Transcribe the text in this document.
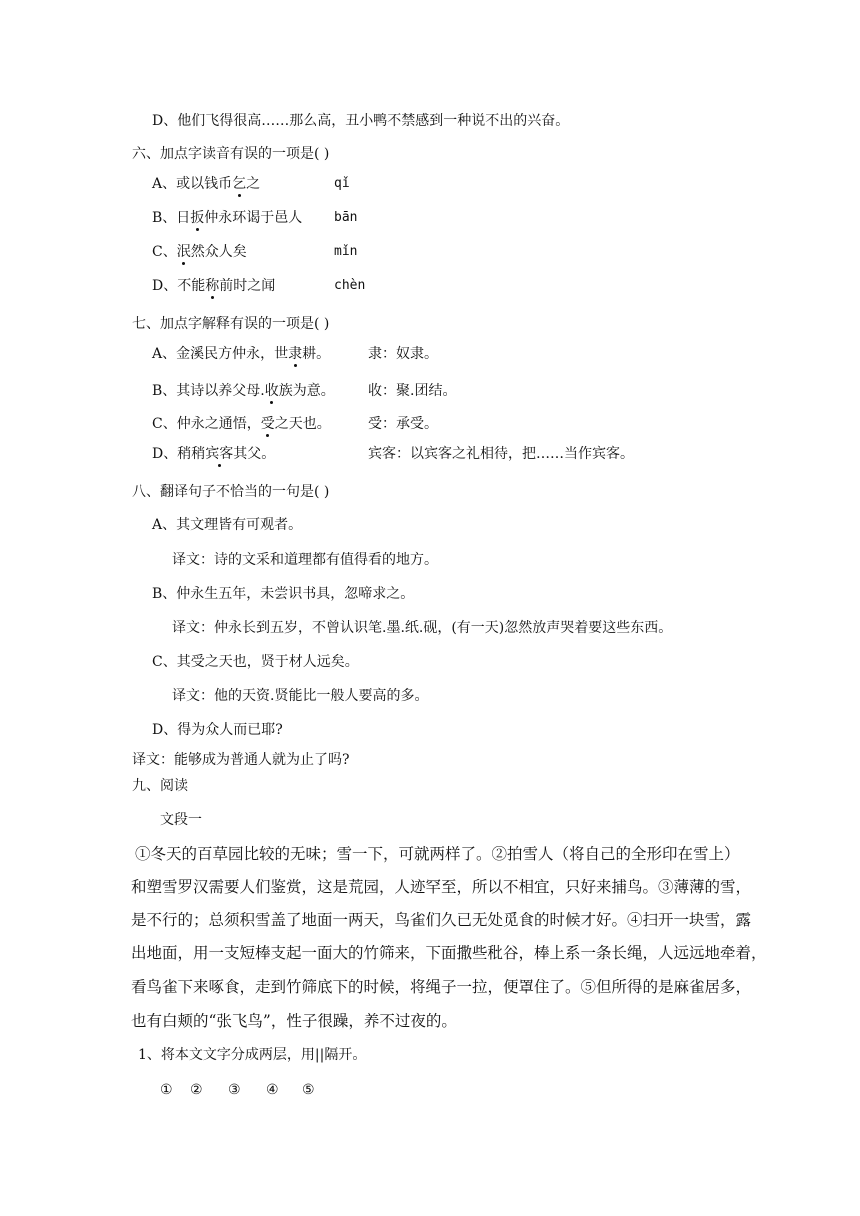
D、他们飞得很高……那么高，丑小鸭不禁感到一种说不出的兴奋。
六、加点字读音有误的一项是( )
A、或以钱币乞之	qǐ
B、日扳仲永环谒于邑人 bān
C、泯然众人矣	mǐn
D、不能称前时之闻	chèn
七、加点字解释有误的一项是( )
A、金溪民方仲永，世隶耕。	隶：奴隶。
B、其诗以养父母.收族为意。 收：聚.团结。
C、仲永之通悟，受之天也。	受：承受。
D、稍稍宾客其父。	宾客：以宾客之礼相待，把……当作宾客。
八、翻译句子不恰当的一句是( )
A、其文理皆有可观者。
译文：诗的文采和道理都有值得看的地方。
B、仲永生五年，未尝识书具，忽啼求之。
译文：仲永长到五岁，不曾认识笔.墨.纸.砚，(有一天)忽然放声哭着要这些东西。
C、其受之天也，贤于材人远矣。
译文：他的天资.贤能比一般人要高的多。
D、得为众人而已耶?
译文：能够成为普通人就为止了吗?
九、阅读
文段一
①冬天的百草园比较的无味；雪一下，可就两样了。②拍雪人（将自己的全形印在雪上）
和塑雪罗汉需要人们鉴赏，这是荒园，人迹罕至，所以不相宜，只好来捕鸟。③薄薄的雪，
是不行的；总须积雪盖了地面一两天，鸟雀们久已无处觅食的时候才好。④扫开一块雪，露
出地面，用一支短棒支起一面大的竹筛来，下面撒些秕谷，棒上系一条长绳，人远远地牵着，
看鸟雀下来啄食，走到竹筛底下的时候，将绳子一拉，便罩住了。⑤但所得的是麻雀居多，
也有白颊的“张飞鸟”，性子很躁，养不过夜的。
1、将本文文字分成两层，用||隔开。
① ② ③ ④ ⑤
